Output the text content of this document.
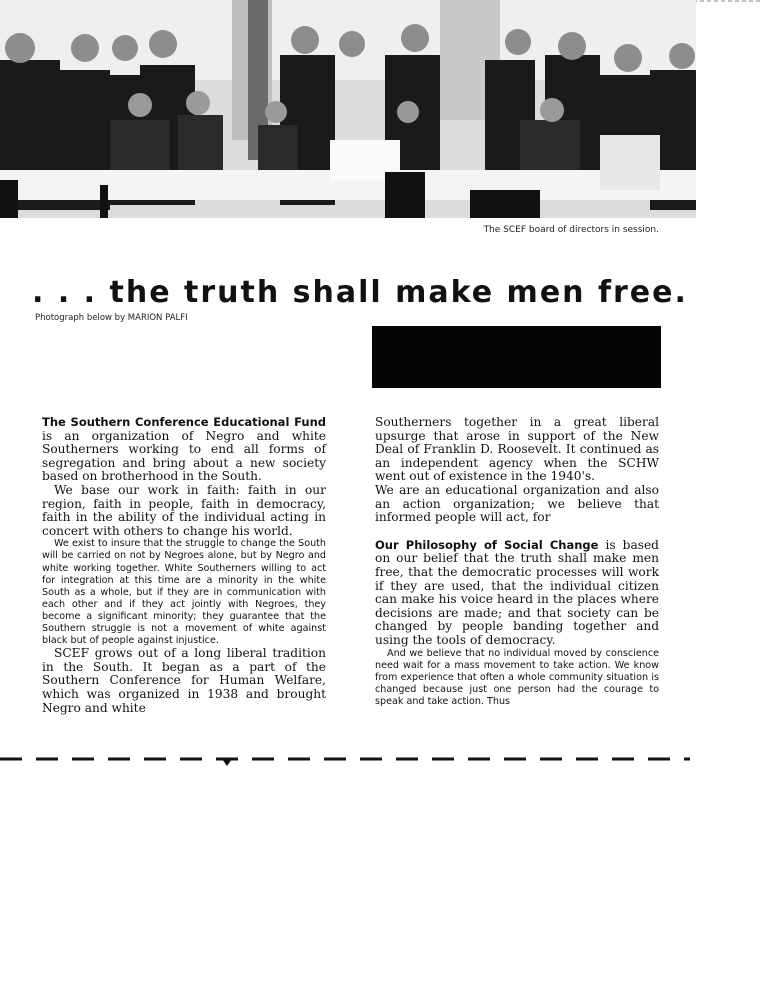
The SCEF board of directors in session.
. . . the truth shall make men free.
Photograph below by MARION PALFI

The Southern Conference Educational Fund is an organization of Negro and white Southerners working to end all forms of segregation and bring about a new society based on brotherhood in the South.

We base our work in faith: faith in our region, faith in people, faith in democracy, faith in the ability of the individual acting in concert with others to change his world.

We exist to insure that the struggle to change the South will be carried on not by Negroes alone, but by Negro and white working together. White Southerners willing to act for integration at this time are a minority in the white South as a whole, but if they are in communication with each other and if they act jointly with Negroes, they become a significant minority; they guarantee that the Southern struggle is not a movement of white against black but of people against injustice.

SCEF grows out of a long liberal tradition in the South. It began as a part of the Southern Conference for Human Welfare, which was organized in 1938 and brought Negro and white

Southerners together in a great liberal upsurge that arose in support of the New Deal of Franklin D. Roosevelt. It continued as an independent agency when the SCHW went out of existence in the 1940's.

We are an educational organization and also an action organization; we believe that informed people will act, for

Our Philosophy of Social Change is based on our belief that the truth shall make men free, that the democratic processes will work if they are used, that the individual citizen can make his voice heard in the places where decisions are made; and that society can be changed by people banding together and using the tools of democracy.

And we believe that no individual moved by conscience need wait for a mass movement to take action. We know from experience that often a whole community situation is changed because just one person had the courage to speak and take action. Thus
